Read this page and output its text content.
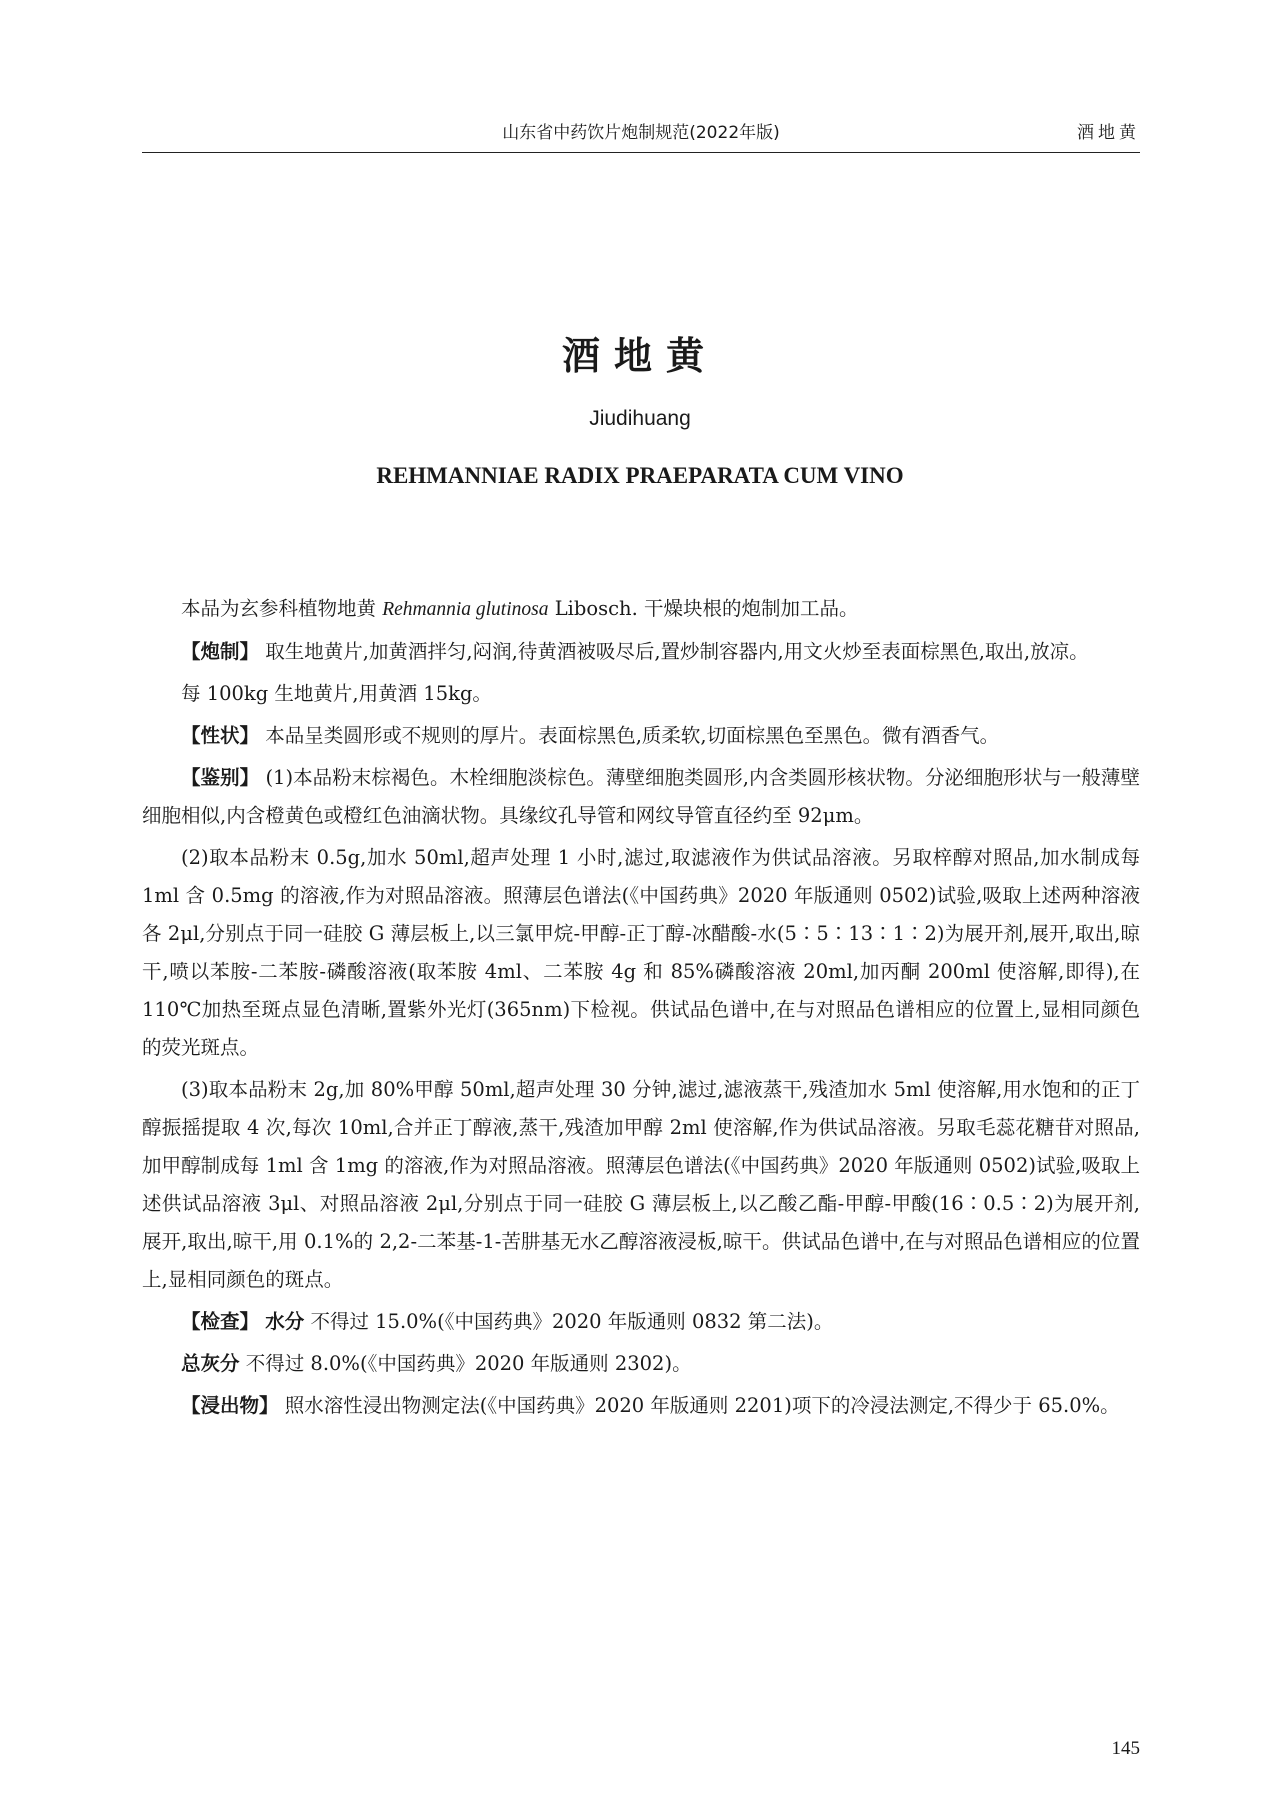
山东省中药饮片炮制规范(2022年版)	酒地黄
酒地黄
Jiudihuang
REHMANNIAE RADIX PRAEPARATA CUM VINO

本品为玄参科植物地黄 Rehmannia glutinosa Libosch. 干燥块根的炮制加工品。

【炮制】 取生地黄片,加黄酒拌匀,闷润,待黄酒被吸尽后,置炒制容器内,用文火炒至表面棕黑色,取出,放凉。

每 100kg 生地黄片,用黄酒 15kg。

【性状】 本品呈类圆形或不规则的厚片。表面棕黑色,质柔软,切面棕黑色至黑色。微有酒香气。

【鉴别】 (1)本品粉末棕褐色。木栓细胞淡棕色。薄壁细胞类圆形,内含类圆形核状物。分泌细胞形状与一般薄壁细胞相似,内含橙黄色或橙红色油滴状物。具缘纹孔导管和网纹导管直径约至 92μm。

(2)取本品粉末 0.5g,加水 50ml,超声处理 1 小时,滤过,取滤液作为供试品溶液。另取梓醇对照品,加水制成每 1ml 含 0.5mg 的溶液,作为对照品溶液。照薄层色谱法(《中国药典》2020 年版通则 0502)试验,吸取上述两种溶液各 2μl,分别点于同一硅胶 G 薄层板上,以三氯甲烷-甲醇-正丁醇-冰醋酸-水(5∶5∶13∶1∶2)为展开剂,展开,取出,晾干,喷以苯胺-二苯胺-磷酸溶液(取苯胺 4ml、二苯胺 4g 和 85%磷酸溶液 20ml,加丙酮 200ml 使溶解,即得),在 110℃加热至斑点显色清晰,置紫外光灯(365nm)下检视。供试品色谱中,在与对照品色谱相应的位置上,显相同颜色的荧光斑点。

(3)取本品粉末 2g,加 80%甲醇 50ml,超声处理 30 分钟,滤过,滤液蒸干,残渣加水 5ml 使溶解,用水饱和的正丁醇振摇提取 4 次,每次 10ml,合并正丁醇液,蒸干,残渣加甲醇 2ml 使溶解,作为供试品溶液。另取毛蕊花糖苷对照品,加甲醇制成每 1ml 含 1mg 的溶液,作为对照品溶液。照薄层色谱法(《中国药典》2020 年版通则 0502)试验,吸取上述供试品溶液 3μl、对照品溶液 2μl,分别点于同一硅胶 G 薄层板上,以乙酸乙酯-甲醇-甲酸(16∶0.5∶2)为展开剂,展开,取出,晾干,用 0.1%的 2,2-二苯基-1-苦肼基无水乙醇溶液浸板,晾干。供试品色谱中,在与对照品色谱相应的位置上,显相同颜色的斑点。

【检查】 水分 不得过 15.0%(《中国药典》2020 年版通则 0832 第二法)。

总灰分 不得过 8.0%(《中国药典》2020 年版通则 2302)。

【浸出物】 照水溶性浸出物测定法(《中国药典》2020 年版通则 2201)项下的冷浸法测定,不得少于 65.0%。

145
